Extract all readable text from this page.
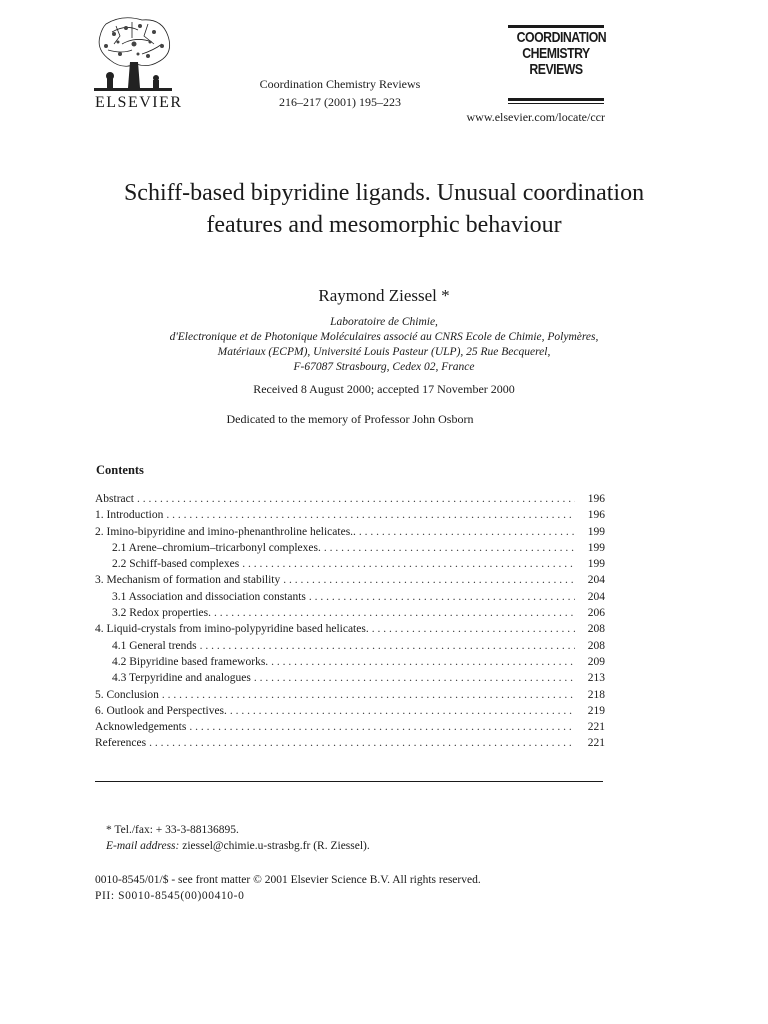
ELSEVIER
Coordination Chemistry Reviews
216–217 (2001) 195–223
COORDINATION
CHEMISTRY
REVIEWS
www.elsevier.com/locate/ccr
Schiff-based bipyridine ligands. Unusual coordination features and mesomorphic behaviour
Raymond Ziessel *
Laboratoire de Chimie,
d'Electronique et de Photonique Moléculaires associé au CNRS Ecole de Chimie, Polymères,
Matériaux (ECPM), Université Louis Pasteur (ULP), 25 Rue Becquerel,
F-67087 Strasbourg, Cedex 02, France
Received 8 August 2000; accepted 17 November 2000
Dedicated to the memory of Professor John Osborn
Contents
Abstract . . .	196
1. Introduction . . .	196
2. Imino-bipyridine and imino-phenanthroline helicates.. . . .	199
2.1 Arene–chromium–tricarbonyl complexes. . . .	199
2.2 Schiff-based complexes . . .	199
3. Mechanism of formation and stability . . .	204
3.1 Association and dissociation constants . . .	204
3.2 Redox properties. . . .	206
4. Liquid-crystals from imino-polypyridine based helicates. . . .	208
4.1 General trends . . .	208
4.2 Bipyridine based frameworks. . . .	209
4.3 Terpyridine and analogues . . .	213
5. Conclusion . . .	218
6. Outlook and Perspectives. . . .	219
Acknowledgements . . .	221
References . . .	221
* Tel./fax: + 33-3-88136895.
E-mail address: ziessel@chimie.u-strasbg.fr (R. Ziessel).
0010-8545/01/$ - see front matter © 2001 Elsevier Science B.V. All rights reserved.
PII: S0010-8545(00)00410-0
